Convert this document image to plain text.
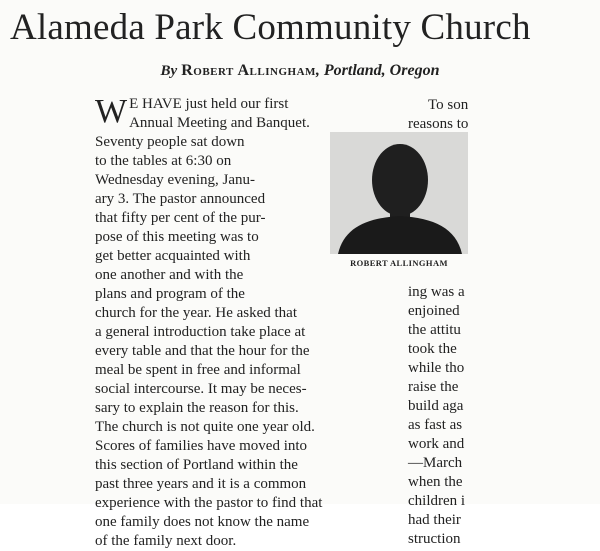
Alameda Park Community Church
By Robert Allingham, Portland, Oregon
W E HAVE just held our first
Annual Meeting and Banquet.
Seventy people sat down
to the tables at 6:30 on
Wednesday evening, Janu-
ary 3. The pastor announced
that fifty per cent of the pur-
pose of this meeting was to
get better acquainted with
one another and with the
plans and program of the
church for the year. He asked that
a general introduction take place at
every table and that the hour for the
meal be spent in free and informal
social intercourse. It may be neces-
sary to explain the reason for this.
The church is not quite one year old.
Scores of families have moved into
this section of Portland within the
past three years and it is a common
experience with the pastor to find that
one family does not know the name
of the family next door.
To son
reasons to
ROBERT ALLINGHAM
ing was a
enjoined
the attitu
took the
while tho
raise the
build aga
as fast as
work and
—March
when the
children i
had their
struction
